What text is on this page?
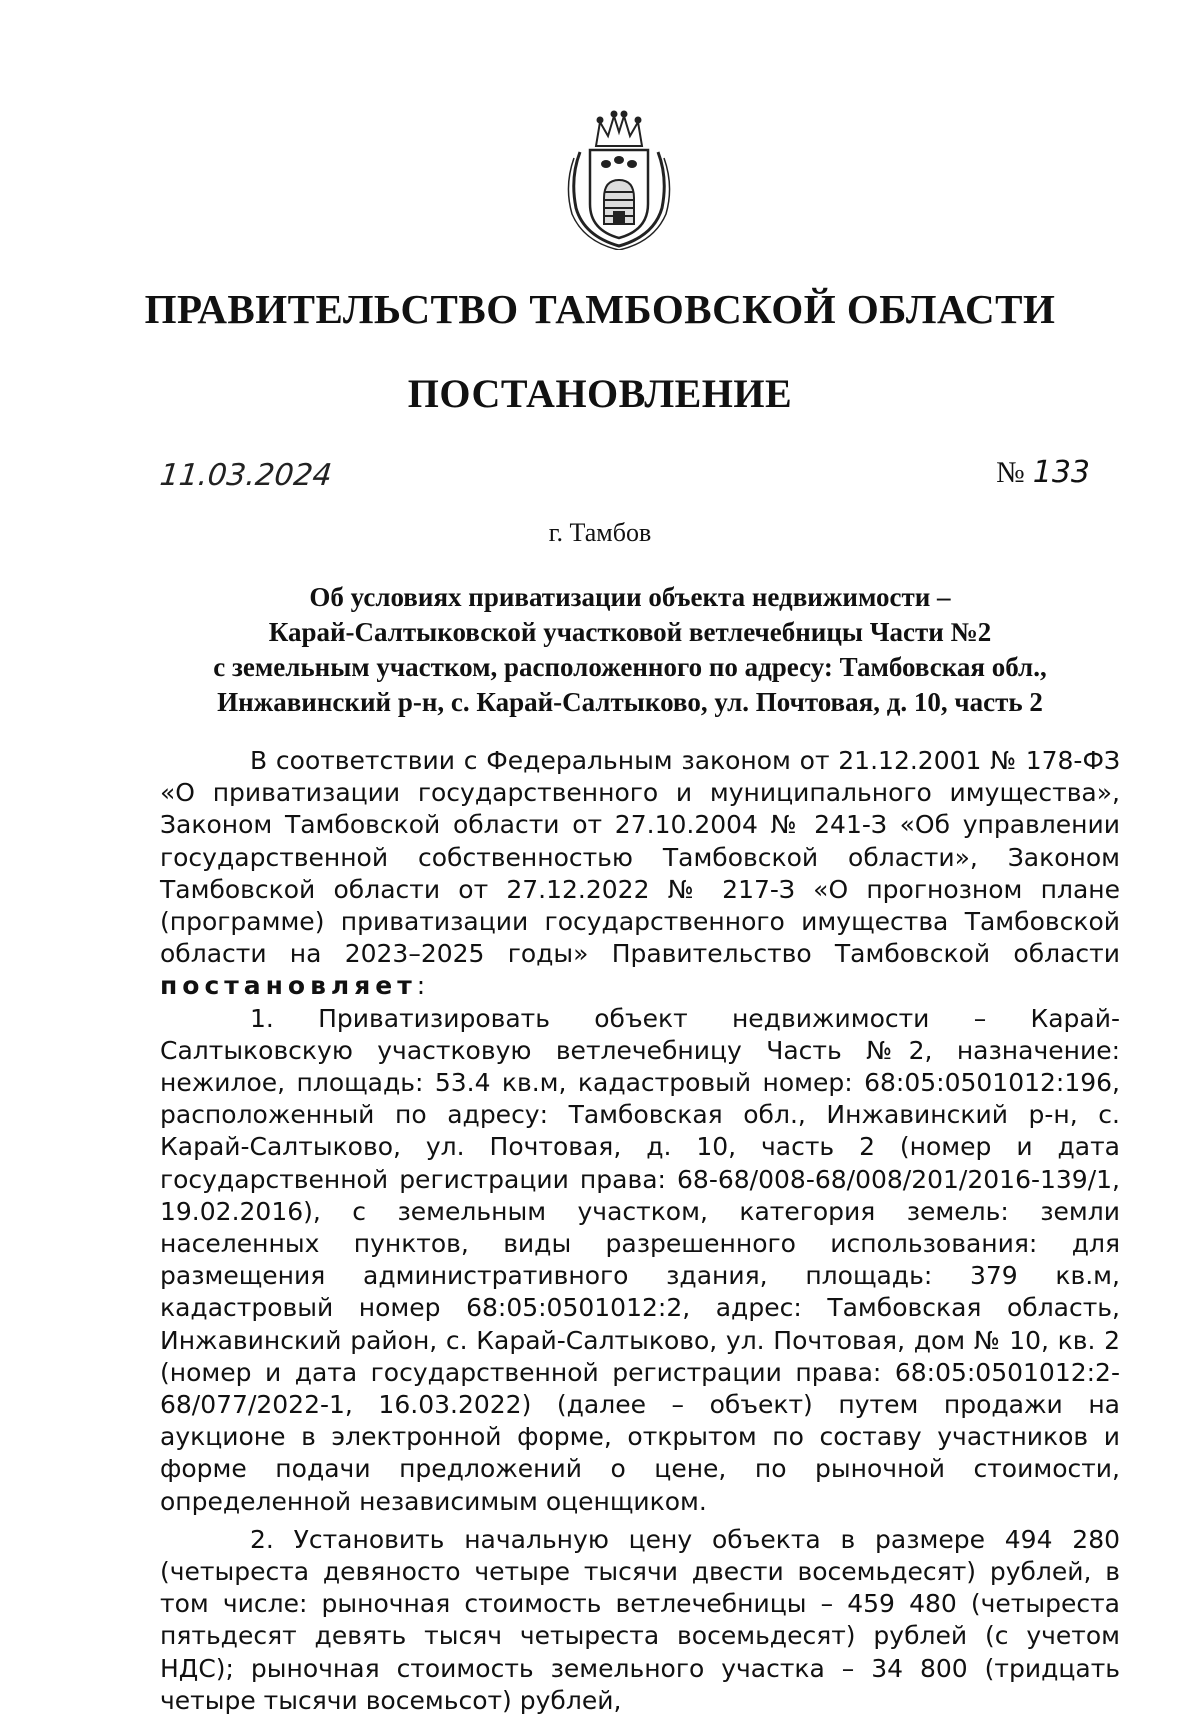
ПРАВИТЕЛЬСТВО ТАМБОВСКОЙ ОБЛАСТИ
ПОСТАНОВЛЕНИЕ
11.03.2024	№ 133
г. Тамбов
Об условиях приватизации объекта недвижимости –
Карай-Салтыковской участковой ветлечебницы Части №2
с земельным участком, расположенного по адресу: Тамбовская обл.,
Инжавинский р-н, с. Карай-Салтыково, ул. Почтовая, д. 10, часть 2

В соответствии с Федеральным законом от 21.12.2001 № 178-ФЗ «О приватизации государственного и муниципального имущества», Законом Тамбовской области от 27.10.2004 № 241-З «Об управлении государственной собственностью Тамбовской области», Законом Тамбовской области от 27.12.2022 № 217-З «О прогнозном плане (программе) приватизации государственного имущества Тамбовской области на 2023–2025 годы» Правительство Тамбовской области постановляет:

1. Приватизировать объект недвижимости – Карай-Салтыковскую участковую ветлечебницу Часть №2, назначение: нежилое, площадь: 53.4 кв.м, кадастровый номер: 68:05:0501012:196, расположенный по адресу: Тамбовская обл., Инжавинский р-н, с. Карай-Салтыково, ул. Почтовая, д. 10, часть 2 (номер и дата государственной регистрации права: 68-68/008-68/008/201/2016-139/1, 19.02.2016), с земельным участком, категория земель: земли населенных пунктов, виды разрешенного использования: для размещения административного здания, площадь: 379 кв.м, кадастровый номер 68:05:0501012:2, адрес: Тамбовская область, Инжавинский район, с. Карай-Салтыково, ул. Почтовая, дом № 10, кв. 2 (номер и дата государственной регистрации права: 68:05:0501012:2-68/077/2022-1, 16.03.2022) (далее – объект) путем продажи на аукционе в электронной форме, открытом по составу участников и форме подачи предложений о цене, по рыночной стоимости, определенной независимым оценщиком.

2. Установить начальную цену объекта в размере 494 280 (четыреста девяносто четыре тысячи двести восемьдесят) рублей, в том числе: рыночная стоимость ветлечебницы – 459 480 (четыреста пятьдесят девять тысяч четыреста восемьдесят) рублей (с учетом НДС); рыночная стоимость земельного участка – 34 800 (тридцать четыре тысячи восемьсот) рублей,
